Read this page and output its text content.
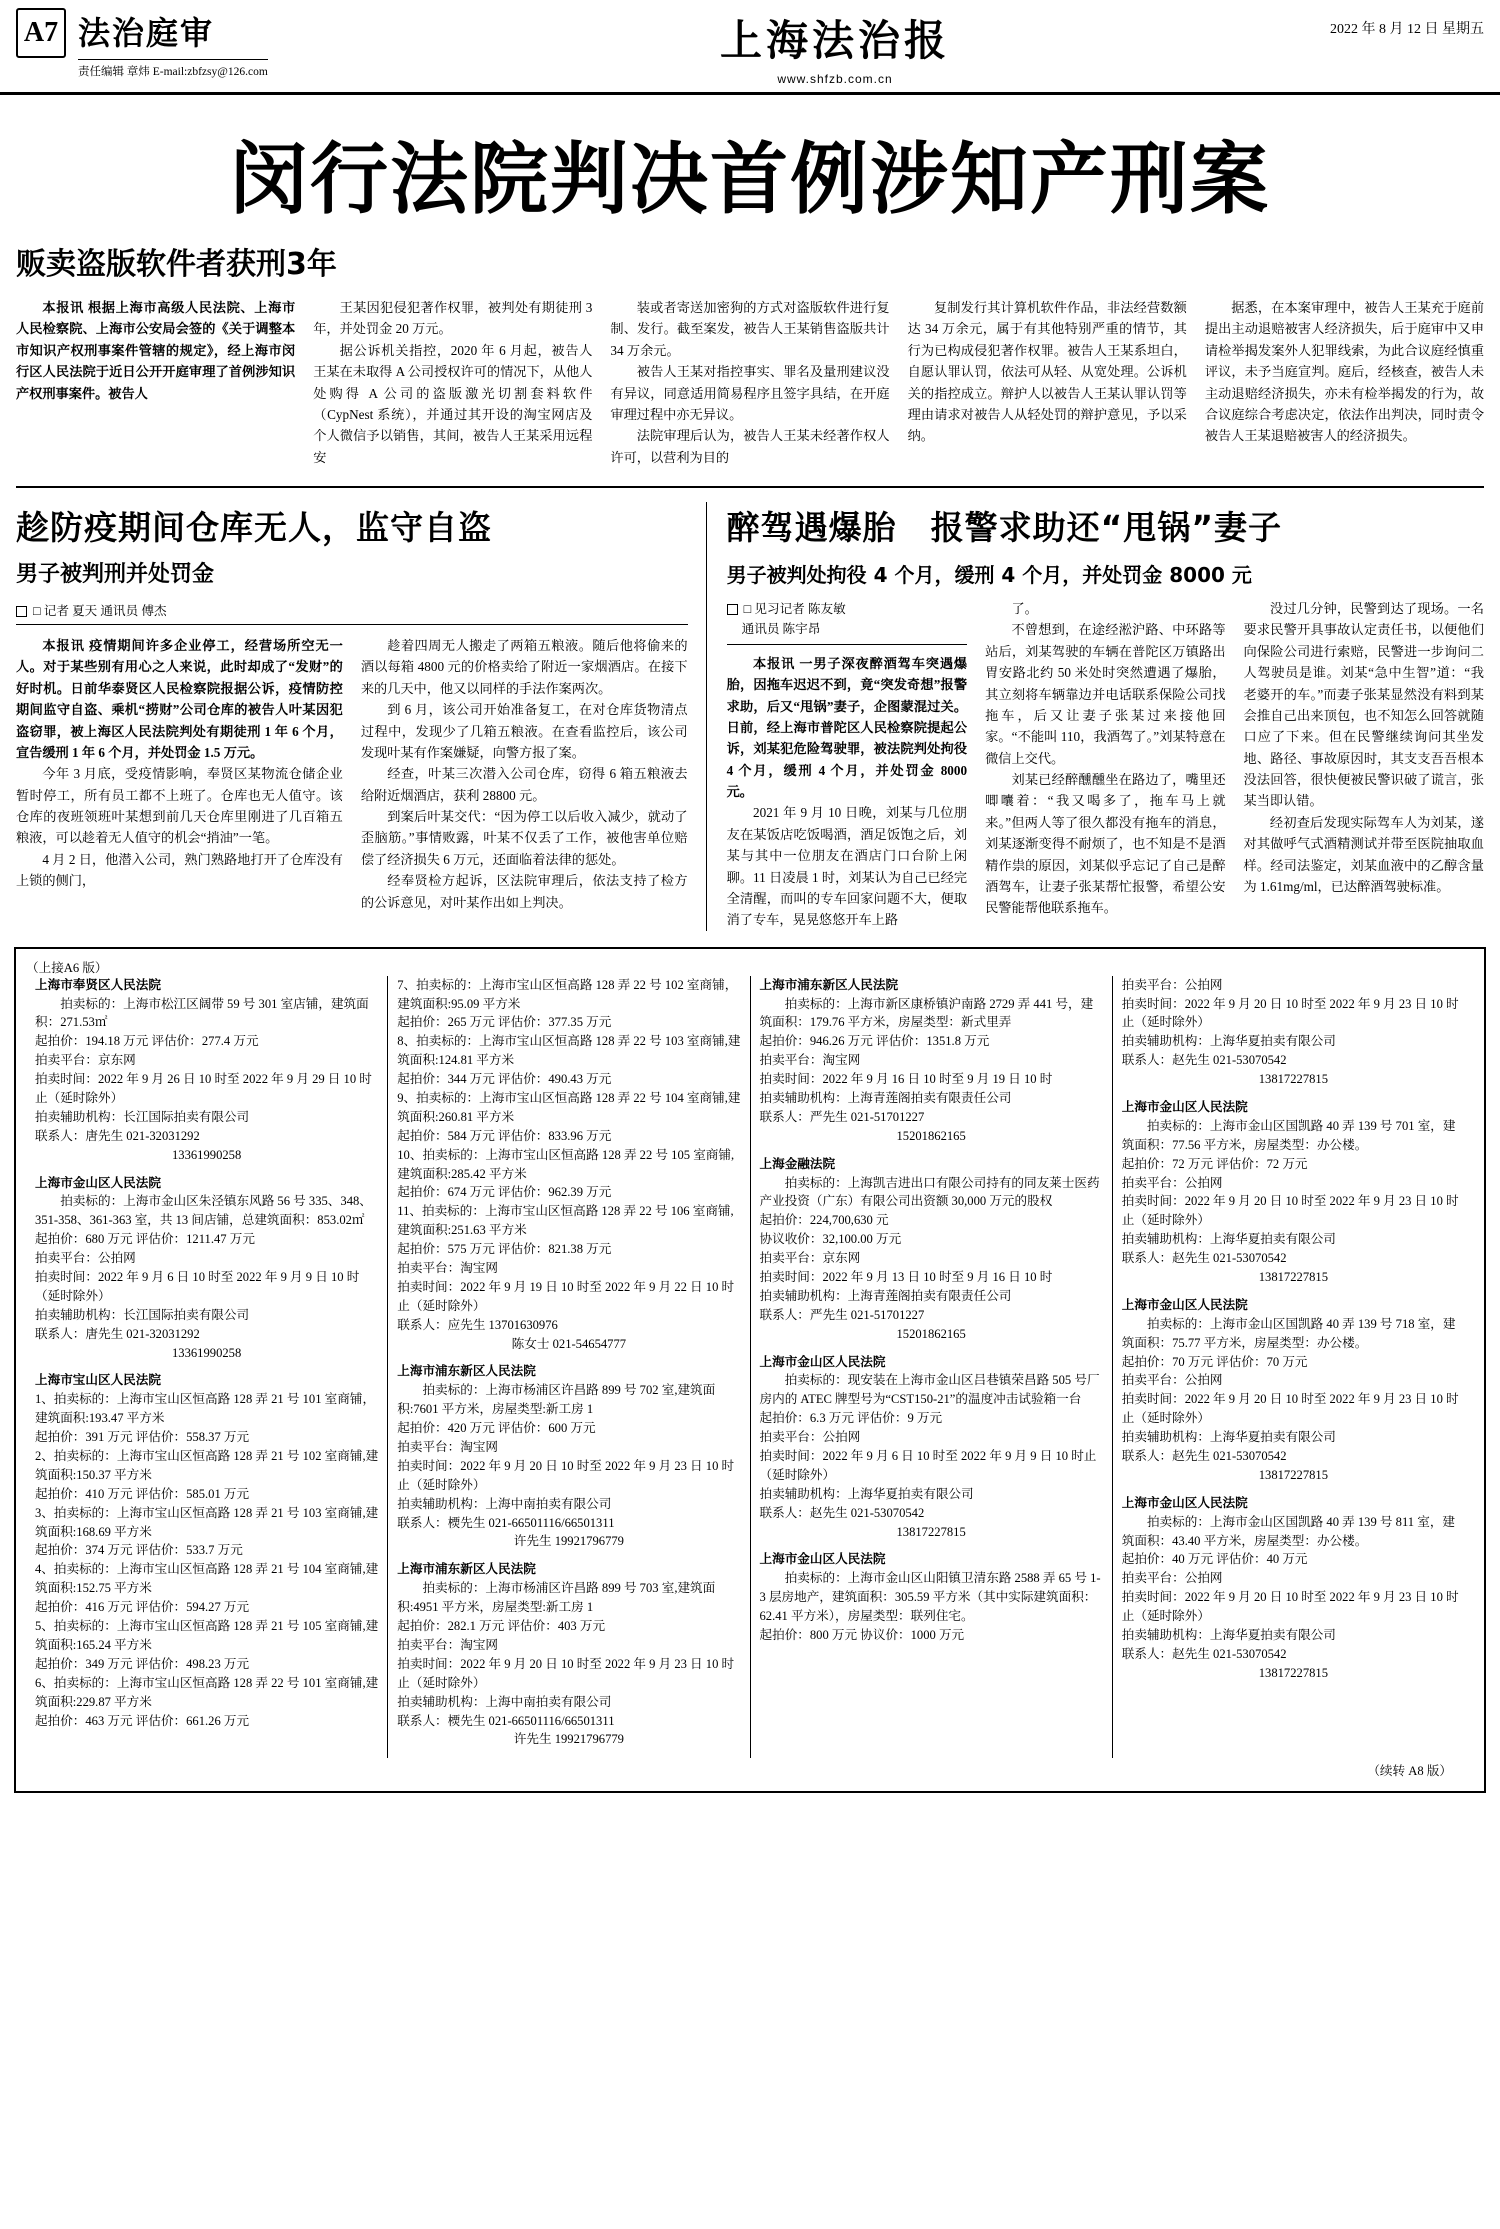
A7 法治庭审
责任编辑 章炜 E-mail:zbfzsy@126.com
上海法治报
www.shfzb.com.cn
2022 年 8 月 12 日 星期五
闵行法院判决首例涉知产刑案
贩卖盗版软件者获刑3年

本报讯 根据上海市高级人民法院、上海市人民检察院、上海市公安局会签的《关于调整本市知识产权刑事案件管辖的规定》，经上海市闵行区人民法院于近日公开开庭审理了首例涉知识产权刑事案件。被告人

王某因犯侵犯著作权罪，被判处有期徒刑 3 年，并处罚金 20 万元。

据公诉机关指控，2020 年 6 月起，被告人王某在未取得 A 公司授权许可的情况下，从他人处购得 A 公司的盗版激光切割套料软件（CypNest 系统），并通过其开设的淘宝网店及个人微信予以销售，其间，被告人王某采用远程安

装或者寄送加密狗的方式对盗版软件进行复制、发行。截至案发，被告人王某销售盗版共计 34 万余元。

被告人王某对指控事实、罪名及量刑建议没有异议，同意适用简易程序且签字具结，在开庭审理过程中亦无异议。

法院审理后认为，被告人王某未经著作权人许可，以营利为目的

复制发行其计算机软件作品，非法经营数额达 34 万余元，属于有其他特别严重的情节，其行为已构成侵犯著作权罪。被告人王某系坦白，自愿认罪认罚，依法可从轻、从宽处理。公诉机关的指控成立。辩护人以被告人王某认罪认罚等理由请求对被告人从轻处罚的辩护意见，予以采纳。

据悉，在本案审理中，被告人王某充于庭前提出主动退赔被害人经济损失，后于庭审中又申请检举揭发案外人犯罪线索，为此合议庭经慎重评议，未予当庭宣判。庭后，经核查，被告人未主动退赔经济损失，亦未有检举揭发的行为，故合议庭综合考虑决定，依法作出判决，同时责令被告人王某退赔被害人的经济损失。

趁防疫期间仓库无人，监守自盗
男子被判刑并处罚金
□ 记者 夏天 通讯员 傅杰

本报讯 疫情期间许多企业停工，经营场所空无一人。对于某些别有用心之人来说，此时却成了“发财”的好时机。日前华泰贤区人民检察院报据公诉，疫情防控期间监守自盗、乘机“捞财”公司仓库的被告人叶某因犯盗窃罪，被上海区人民法院判处有期徒刑 1 年 6 个月，宣告缓刑 1 年 6 个月，并处罚金 1.5 万元。

今年 3 月底，受疫情影响，奉贤区某物流仓储企业暂时停工，所有员工都不上班了。仓库也无人值守。该仓库的夜班领班叶某想到前几天仓库里刚进了几百箱五粮液，可以趁着无人值守的机会“捎油”一笔。

4 月 2 日，他潜入公司，熟门熟路地打开了仓库没有上锁的侧门，

趁着四周无人搬走了两箱五粮液。随后他将偷来的酒以每箱 4800 元的价格卖给了附近一家烟酒店。在接下来的几天中，他又以同样的手法作案两次。

到 6 月，该公司开始准备复工，在对仓库货物清点过程中，发现少了几箱五粮液。在查看监控后，该公司发现叶某有作案嫌疑，向警方报了案。

经查，叶某三次潜入公司仓库，窃得 6 箱五粮液去给附近烟酒店，获利 28800 元。

到案后叶某交代：“因为停工以后收入减少，就动了歪脑筋。”事情败露，叶某不仅丢了工作，被他害单位赔偿了经济损失 6 万元，还面临着法律的惩处。

经奉贤检方起诉，区法院审理后，依法支持了检方的公诉意见，对叶某作出如上判决。

醉驾遇爆胎　报警求助还“甩锅”妻子
男子被判处拘役 4 个月，缓刑 4 个月，并处罚金 8000 元
□ 见习记者 陈友敏
通讯员 陈宇昂

本报讯 一男子深夜醉酒驾车突遇爆胎，因拖车迟迟不到，竟“突发奇想”报警求助，后又“甩锅”妻子，企图蒙混过关。日前，经上海市普陀区人民检察院提起公诉，刘某犯危险驾驶罪，被法院判处拘役 4 个月，缓刑 4 个月，并处罚金 8000 元。

2021 年 9 月 10 日晚，刘某与几位朋友在某饭店吃饭喝酒，酒足饭饱之后，刘某与其中一位朋友在酒店门口台阶上闲聊。11 日凌晨 1 时，刘某认为自己已经完全清醒，而叫的专车回家问题不大，便取消了专车，晃晃悠悠开车上路

了。

不曾想到，在途经淞沪路、中环路等站后，刘某驾驶的车辆在普陀区万镇路出胃安路北约 50 米处时突然遭遇了爆胎，其立刻将车辆靠边并电话联系保险公司找拖车，后又让妻子张某过来接他回家。“不能叫 110，我酒驾了。”刘某特意在微信上交代。

刘某已经醉醺醺坐在路边了，嘴里还唧囔着：“我又喝多了，拖车马上就来。”但两人等了很久都没有拖车的消息，刘某逐渐变得不耐烦了，也不知是不是酒精作祟的原因，刘某似乎忘记了自己是醉酒驾车，让妻子张某帮忙报警，希望公安民警能帮他联系拖车。

没过几分钟，民警到达了现场。一名要求民警开具事故认定责任书，以便他们向保险公司进行索赔，民警进一步询问二人驾驶员是谁。刘某“急中生智”道：“我老婆开的车。”而妻子张某显然没有料到某会推自己出来顶包，也不知怎么回答就随口应了下来。但在民警继续询问其坐发地、路径、事故原因时，其支支吾吾根本没法回答，很快便被民警识破了谎言，张某当即认错。

经初查后发现实际驾车人为刘某，遂对其做呼气式酒精测试并带至医院抽取血样。经司法鉴定，刘某血液中的乙醇含量为 1.61mg/ml，已达醉酒驾驶标准。

（上接A6 版）

上海市奉贤区人民法院

拍卖标的：上海市松江区阔带 59 号 301 室店铺，建筑面积：271.53㎡

起拍价：194.18 万元 评估价：277.4 万元

拍卖平台：京东网

拍卖时间：2022 年 9 月 26 日 10 时至 2022 年 9 月 29 日 10 时止（延时除外）

拍卖辅助机构：长江国际拍卖有限公司

联系人：唐先生 021-32031292

13361990258

上海市金山区人民法院

拍卖标的：上海市金山区朱泾镇东风路 56 号 335、348、351-358、361-363 室，共 13 间店铺，总建筑面积：853.02㎡

起拍价：680 万元 评估价：1211.47 万元

拍卖平台：公拍网

拍卖时间：2022 年 9 月 6 日 10 时至 2022 年 9 月 9 日 10 时（延时除外）

拍卖辅助机构：长江国际拍卖有限公司

联系人：唐先生 021-32031292

13361990258

上海市宝山区人民法院

1、拍卖标的：上海市宝山区恒高路 128 弄 21 号 101 室商铺，建筑面积:193.47 平方米

起拍价：391 万元 评估价：558.37 万元

2、拍卖标的：上海市宝山区恒高路 128 弄 21 号 102 室商铺,建筑面积:150.37 平方米

起拍价：410 万元 评估价：585.01 万元

3、拍卖标的：上海市宝山区恒高路 128 弄 21 号 103 室商铺,建筑面积:168.69 平方米

起拍价：374 万元 评估价：533.7 万元

4、拍卖标的：上海市宝山区恒高路 128 弄 21 号 104 室商铺,建筑面积:152.75 平方米

起拍价：416 万元 评估价：594.27 万元

5、拍卖标的：上海市宝山区恒高路 128 弄 21 号 105 室商铺,建筑面积:165.24 平方米

起拍价：349 万元 评估价：498.23 万元

6、拍卖标的：上海市宝山区恒高路 128 弄 22 号 101 室商铺,建筑面积:229.87 平方米

起拍价：463 万元 评估价：661.26 万元

7、拍卖标的：上海市宝山区恒高路 128 弄 22 号 102 室商铺，建筑面积:95.09 平方米

起拍价：265 万元 评估价：377.35 万元

8、拍卖标的：上海市宝山区恒高路 128 弄 22 号 103 室商铺,建筑面积:124.81 平方米

起拍价：344 万元 评估价：490.43 万元

9、拍卖标的：上海市宝山区恒高路 128 弄 22 号 104 室商铺,建筑面积:260.81 平方米

起拍价：584 万元 评估价：833.96 万元

10、拍卖标的：上海市宝山区恒高路 128 弄 22 号 105 室商铺,建筑面积:285.42 平方米

起拍价：674 万元 评估价：962.39 万元

11、拍卖标的：上海市宝山区恒高路 128 弄 22 号 106 室商铺,建筑面积:251.63 平方米

起拍价：575 万元 评估价：821.38 万元

拍卖平台：淘宝网

拍卖时间：2022 年 9 月 19 日 10 时至 2022 年 9 月 22 日 10 时止（延时除外）

联系人：应先生 13701630976

陈女士 021-54654777

上海市浦东新区人民法院

拍卖标的：上海市杨浦区许昌路 899 号 702 室,建筑面积:7601 平方米，房屋类型:新工房 1

起拍价：420 万元 评估价：600 万元

拍卖平台：淘宝网

拍卖时间：2022 年 9 月 20 日 10 时至 2022 年 9 月 23 日 10 时止（延时除外）

拍卖辅助机构：上海中南拍卖有限公司

联系人：樮先生 021-66501116/66501311

许先生 19921796779

上海市浦东新区人民法院

拍卖标的：上海市杨浦区许昌路 899 号 703 室,建筑面积:4951 平方米，房屋类型:新工房 1

起拍价：282.1 万元 评估价：403 万元

拍卖平台：淘宝网

拍卖时间：2022 年 9 月 20 日 10 时至 2022 年 9 月 23 日 10 时止（延时除外）

拍卖辅助机构：上海中南拍卖有限公司

联系人：樮先生 021-66501116/66501311

许先生 19921796779

上海市浦东新区人民法院

拍卖标的：上海市新区康桥镇沪南路 2729 弄 441 号，建筑面积：179.76 平方米，房屋类型：新式里弄

起拍价：946.26 万元 评估价：1351.8 万元

拍卖平台：淘宝网

拍卖时间：2022 年 9 月 16 日 10 时至 9 月 19 日 10 时

拍卖辅助机构：上海青莲阁拍卖有限责任公司

联系人：严先生 021-51701227

15201862165

上海金融法院

拍卖标的：上海凯吉进出口有限公司持有的同友莱士医药产业投资（广东）有限公司出资额 30,000 万元的股权

起拍价：224,700,630 元

协议收价：32,100.00 万元

拍卖平台：京东网

拍卖时间：2022 年 9 月 13 日 10 时至 9 月 16 日 10 时

拍卖辅助机构：上海青莲阁拍卖有限责任公司

联系人：严先生 021-51701227

15201862165

上海市金山区人民法院

拍卖标的：现安装在上海市金山区吕巷镇荣昌路 505 号厂房内的 ATEC 牌型号为“CST150-21”的温度冲击试验箱一台

起拍价：6.3 万元 评估价：9 万元

拍卖平台：公拍网

拍卖时间：2022 年 9 月 6 日 10 时至 2022 年 9 月 9 日 10 时止（延时除外）

拍卖辅助机构：上海华夏拍卖有限公司

联系人：赵先生 021-53070542

13817227815

上海市金山区人民法院

拍卖标的：上海市金山区山阳镇卫清东路 2588 弄 65 号 1-3 层房地产，建筑面积：305.59 平方米（其中实际建筑面积：62.41 平方米），房屋类型：联列住宅。

起拍价：800 万元 协议价：1000 万元

拍卖平台：公拍网

拍卖时间：2022 年 9 月 20 日 10 时至 2022 年 9 月 23 日 10 时止（延时除外）

拍卖辅助机构：上海华夏拍卖有限公司

联系人：赵先生 021-53070542

13817227815

上海市金山区人民法院

拍卖标的：上海市金山区国凯路 40 弄 139 号 701 室，建筑面积：77.56 平方米，房屋类型：办公楼。

起拍价：72 万元 评估价：72 万元

拍卖平台：公拍网

拍卖时间：2022 年 9 月 20 日 10 时至 2022 年 9 月 23 日 10 时止（延时除外）

拍卖辅助机构：上海华夏拍卖有限公司

联系人：赵先生 021-53070542

13817227815

上海市金山区人民法院

拍卖标的：上海市金山区国凯路 40 弄 139 号 718 室，建筑面积：75.77 平方米，房屋类型：办公楼。

起拍价：70 万元 评估价：70 万元

拍卖平台：公拍网

拍卖时间：2022 年 9 月 20 日 10 时至 2022 年 9 月 23 日 10 时止（延时除外）

拍卖辅助机构：上海华夏拍卖有限公司

联系人：赵先生 021-53070542

13817227815

上海市金山区人民法院

拍卖标的：上海市金山区国凯路 40 弄 139 号 811 室，建筑面积：43.40 平方米，房屋类型：办公楼。

起拍价：40 万元 评估价：40 万元

拍卖平台：公拍网

拍卖时间：2022 年 9 月 20 日 10 时至 2022 年 9 月 23 日 10 时止（延时除外）

拍卖辅助机构：上海华夏拍卖有限公司

联系人：赵先生 021-53070542

13817227815

（续转 A8 版）
